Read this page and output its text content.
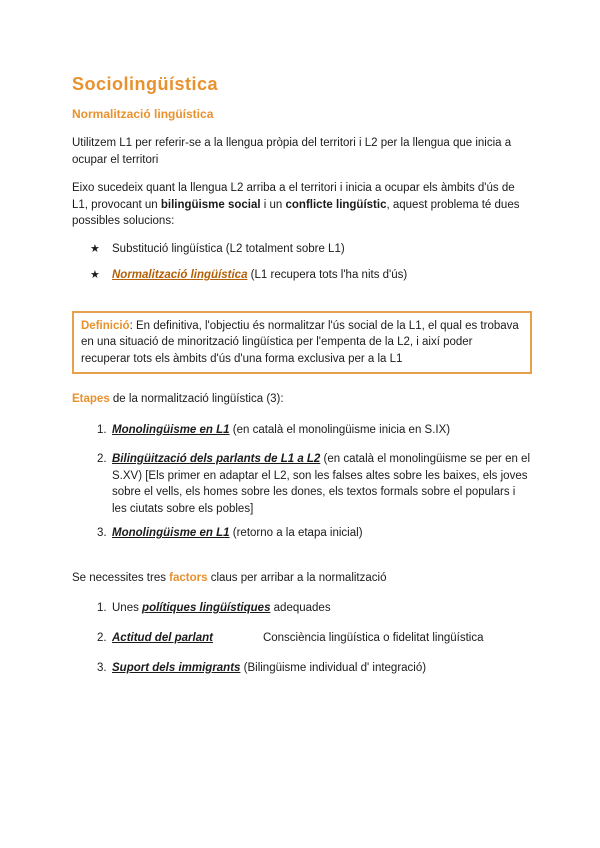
Sociolingüística
Normalització lingüística

Utilitzem L1 per referir-se a la llengua pròpia del territori i L2 per la llengua que inicia a ocupar el territori

Eixo sucedeix quant la llengua L2 arriba a el territori i inicia a ocupar els àmbits d'ús de L1, provocant un bilingüisme social i un conflicte lingüístic, aquest problema té dues possibles solucions:

★	Substitució lingüística (L2 totalment sobre L1)
★	Normalització lingüística (L1 recupera tots l'ha nits d'ús)
Definició: En definitiva, l'objectiu és normalitzar l'ús social de la L1, el qual es trobava en una situació de minorització lingüística per l'empenta de la L2, i així poder recuperar tots els àmbits d'ús d'una forma exclusiva per a la L1

Etapes de la normalització lingüística (3):

1. Monolingüisme en L1 (en català el monolingüisme inicia en S.IX)
2. Bilingüització dels parlants de L1 a L2 (en català el monolingüisme se per en el S.XV) [Els primer en adaptar el L2, son les falses altes sobre les baixes, els joves sobre el vells, els homes sobre les dones, els textos formals sobre el populars i les ciutats sobre els pobles]
3. Monolingüisme en L1 (retorno a la etapa inicial)

Se necessites tres factors claus per arribar a la normalització

1. Unes polítiques lingüístiques adequades
2. Actitud del parlant	Consciència lingüística o fidelitat lingüística
3. Suport dels immigrants (Bilingüisme individual d' integració)
